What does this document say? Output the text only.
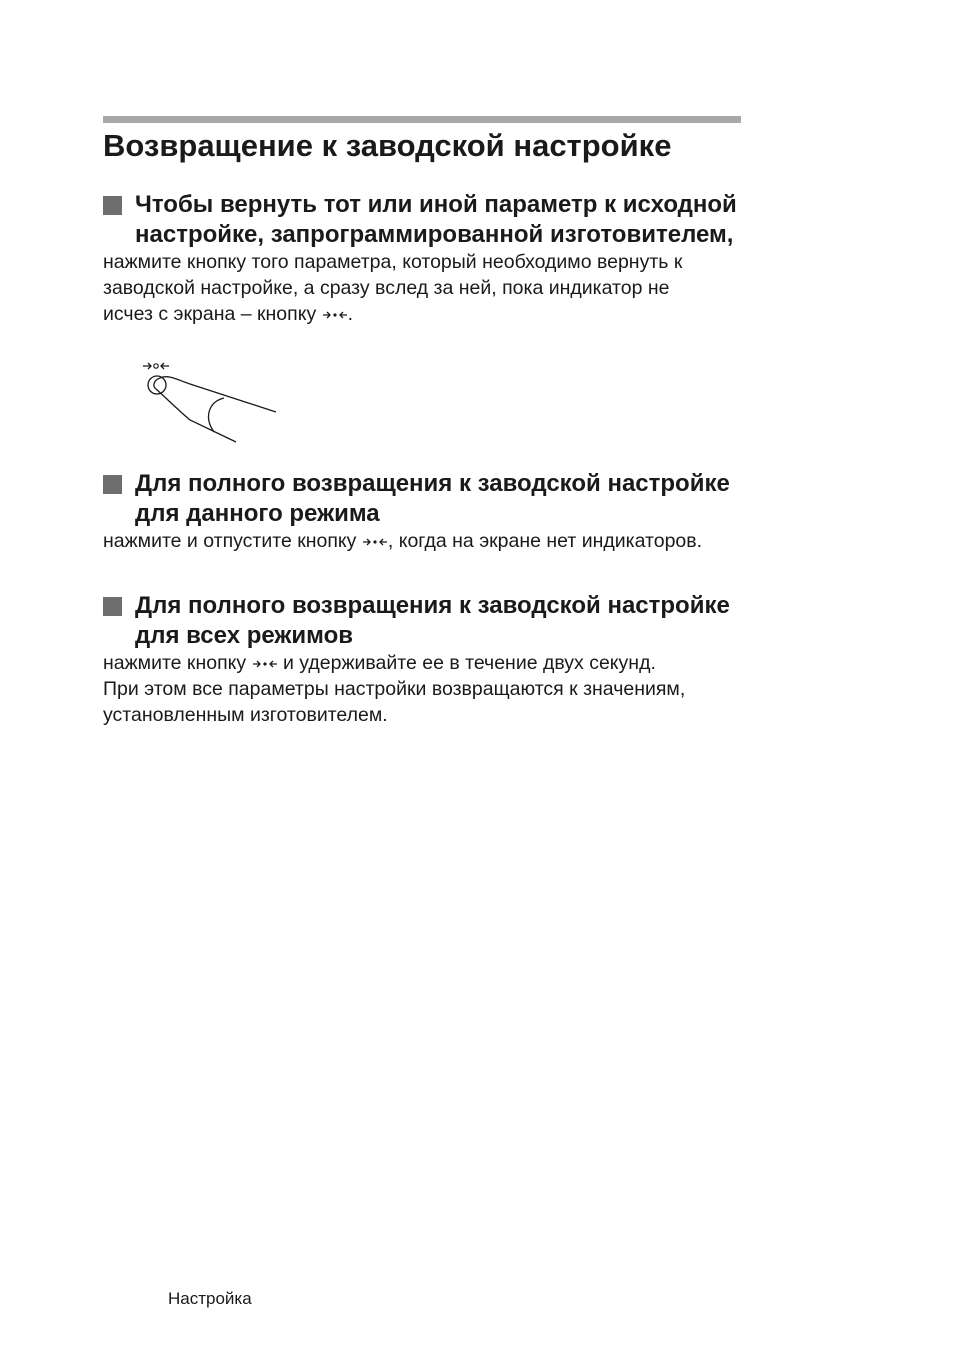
Возвращение к заводской настройке
Чтобы вернуть тот или иной параметр к исходной
настройке, запрограммированной изготовителем,

нажмите кнопку того параметра, который необходимо вернуть к
заводской настройке, а сразу вслед за ней, пока индикатор не
исчез с экрана – кнопку .

Для полного возвращения к заводской настройке
для данного режима

нажмите и отпустите кнопку , когда на экране нет индикаторов.

Для полного возвращения к заводской настройке
для всех режимов

нажмите кнопку  и удерживайте ее в течение двух секунд.
При этом все параметры настройки возвращаются к значениям,
установленным изготовителем.

Настройка
